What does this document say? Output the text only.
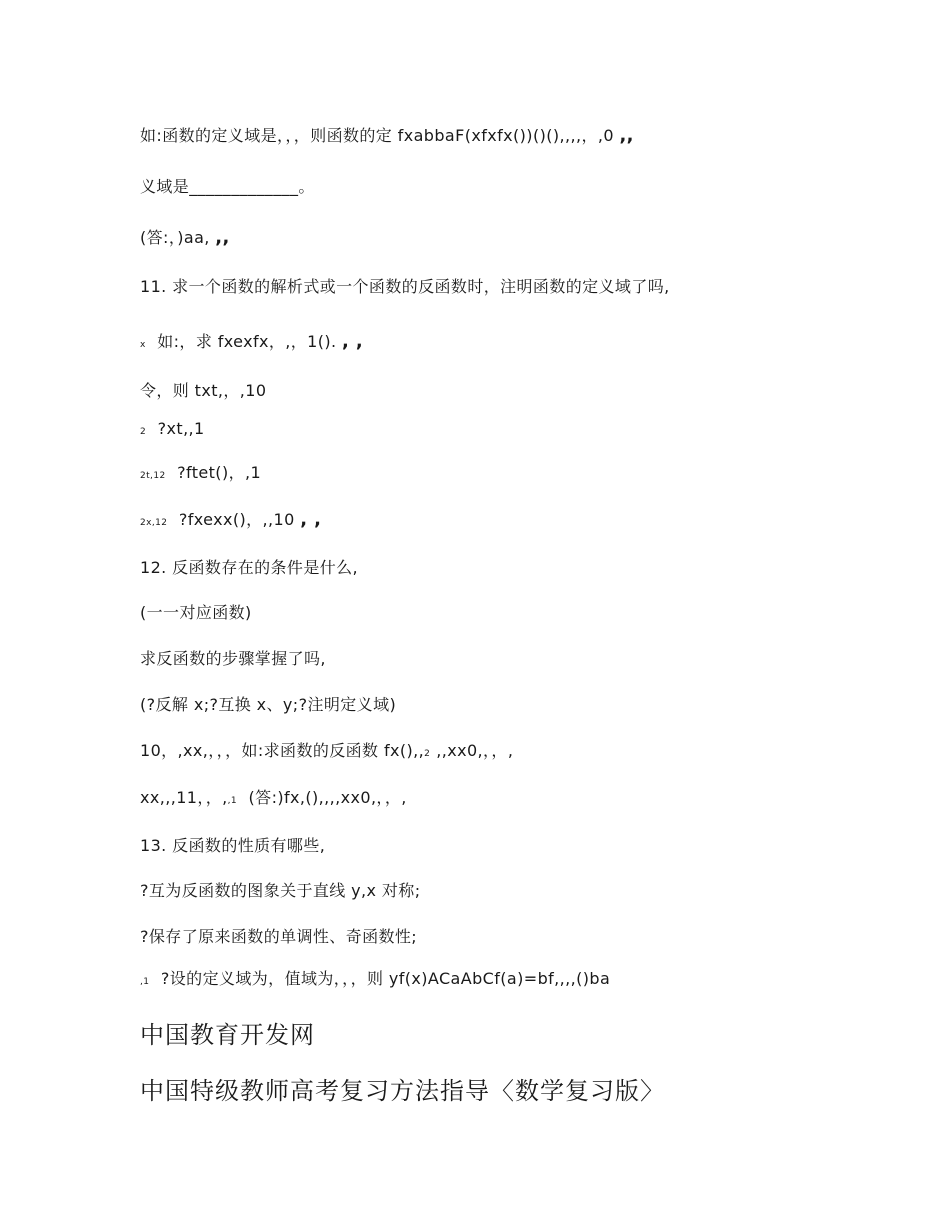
如:函数的定义域是，，，则函数的定 fxabbaF(xfxfx())()(),,,,，,0 ,,
义域是_____________。
(答:，)aa, ,,
11. 求一个函数的解析式或一个函数的反函数时，注明函数的定义域了吗,
x 如:，求 fxexfx，,，1(). , ,
令，则 txt,，,10
2 ?xt,,1
2t,12 ?ftet()，,1
2x,12 ?fxexx()，,,10 , ,
12. 反函数存在的条件是什么,
(一一对应函数)
求反函数的步骤掌握了吗,
(?反解 x;?互换 x、y;?注明定义域)
10，,xx,，，，如:求函数的反函数 fx(),,2 ,,xx0,，，,
xx,,,11，，,,1 (答:)fx,(),,,,xx0,，，,
13. 反函数的性质有哪些,
?互为反函数的图象关于直线 y,x 对称;
?保存了原来函数的单调性、奇函数性;
,1 ?设的定义域为，值域为，，，则 yf(x)ACaAbCf(a)=bf,,,,()ba
中国教育开发网
中国特级教师高考复习方法指导〈数学复习版〉
